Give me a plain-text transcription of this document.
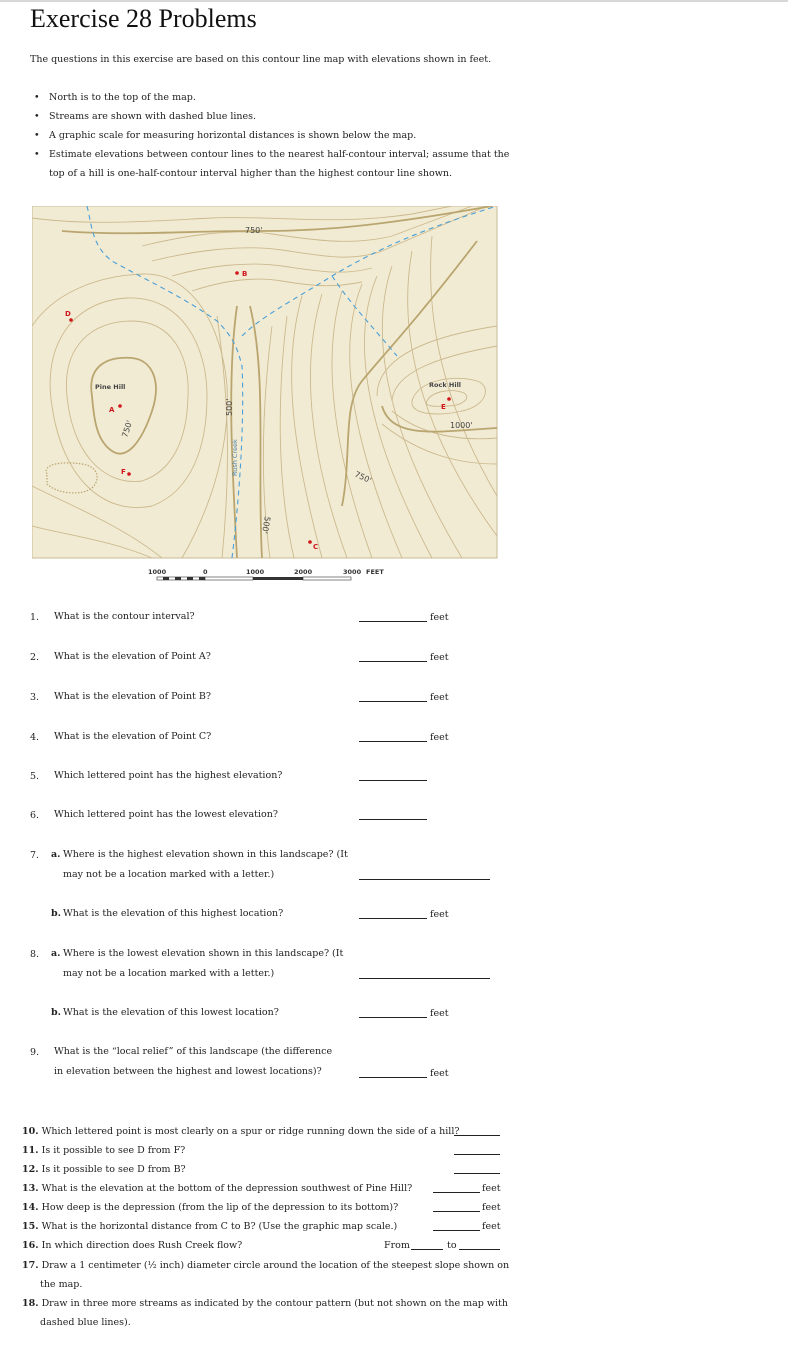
Exercise 28 Problems
The questions in this exercise are based on this contour line map with elevations shown in feet.
• North is to the top of the map.
• Streams are shown with dashed blue lines.
• A graphic scale for measuring horizontal distances is shown below the map.
• Estimate elevations between contour lines to the nearest half-contour interval; assume that the top of a hill is one-half-contour interval higher than the highest contour line shown.
Pine Hill	Rock Hill
750'
1000'
750'
750'
500'
500'
Rush Creek
A
B
C
D
E
F
1000	0	1000	2000	3000 FEET
1. What is the contour interval?	feet
2. What is the elevation of Point A?	feet
3. What is the elevation of Point B?	feet
4. What is the elevation of Point C?	feet
5. Which lettered point has the highest elevation?
6. Which lettered point has the lowest elevation?
7. a. Where is the highest elevation shown in this landscape? (It may not be a location marked with a letter.)
b. What is the elevation of this highest location?	feet
8. a. Where is the lowest elevation shown in this landscape? (It may not be a location marked with a letter.)
b. What is the elevation of this lowest location?	feet
9. What is the “local relief” of this landscape (the difference in elevation between the highest and lowest locations)?	feet
10. Which lettered point is most clearly on a spur or ridge running down the side of a hill?
11. Is it possible to see D from F?
12. Is it possible to see D from B?
13. What is the elevation at the bottom of the depression southwest of Pine Hill?	feet
14. How deep is the depression (from the lip of the depression to its bottom)?	feet
15. What is the horizontal distance from C to B? (Use the graphic map scale.)	feet
16. In which direction does Rush Creek flow?	From	to
17. Draw a 1 centimeter (½ inch) diameter circle around the location of the steepest slope shown on the map.
18. Draw in three more streams as indicated by the contour pattern (but not shown on the map with dashed blue lines).
